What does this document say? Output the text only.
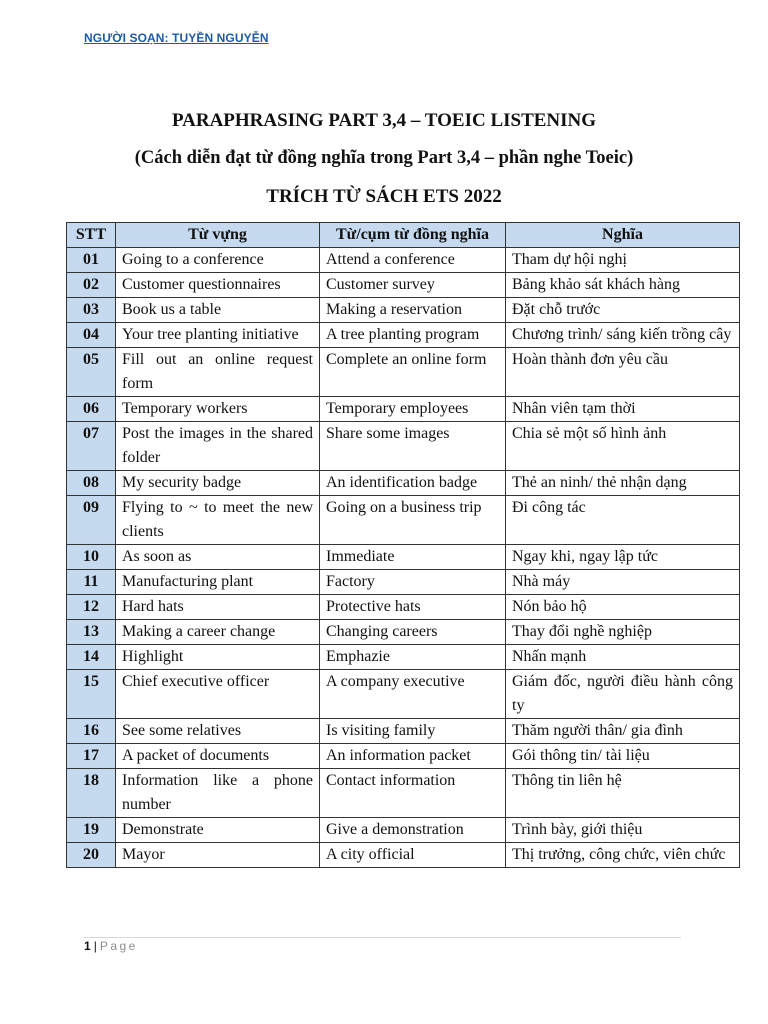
NGƯỜI SOẠN: TUYỀN NGUYỄN
PARAPHRASING PART 3,4 – TOEIC LISTENING
(Cách diễn đạt từ đồng nghĩa trong Part 3,4 – phần nghe Toeic)
TRÍCH TỪ SÁCH ETS 2022
STT	Từ vựng	Từ/cụm từ đồng nghĩa	Nghĩa
01	Going to a conference	Attend a conference	Tham dự hội nghị
02	Customer questionnaires	Customer survey	Bảng khảo sát khách hàng
03	Book us a table	Making a reservation	Đặt chỗ trước
04	Your tree planting initiative	A tree planting program	Chương trình/ sáng kiến trồng cây
05	Fill out an online request form	Complete an online form	Hoàn thành đơn yêu cầu
06	Temporary workers	Temporary employees	Nhân viên tạm thời
07	Post the images in the shared folder	Share some images	Chia sẻ một số hình ảnh
08	My security badge	An identification badge	Thẻ an ninh/ thẻ nhận dạng
09	Flying to ~ to meet the new clients	Going on a business trip	Đi công tác
10	As soon as	Immediate	Ngay khi, ngay lập tức
11	Manufacturing plant	Factory	Nhà máy
12	Hard hats	Protective hats	Nón bảo hộ
13	Making a career change	Changing careers	Thay đổi nghề nghiệp
14	Highlight	Emphazie	Nhấn mạnh
15	Chief executive officer	A company executive	Giám đốc, người điều hành công ty
16	See some relatives	Is visiting family	Thăm người thân/ gia đình
17	A packet of documents	An information packet	Gói thông tin/ tài liệu
18	Information like a phone number	Contact information	Thông tin liên hệ
19	Demonstrate	Give a demonstration	Trình bày, giới thiệu
20	Mayor	A city official	Thị trưởng, công chức, viên chức
1 | Page
